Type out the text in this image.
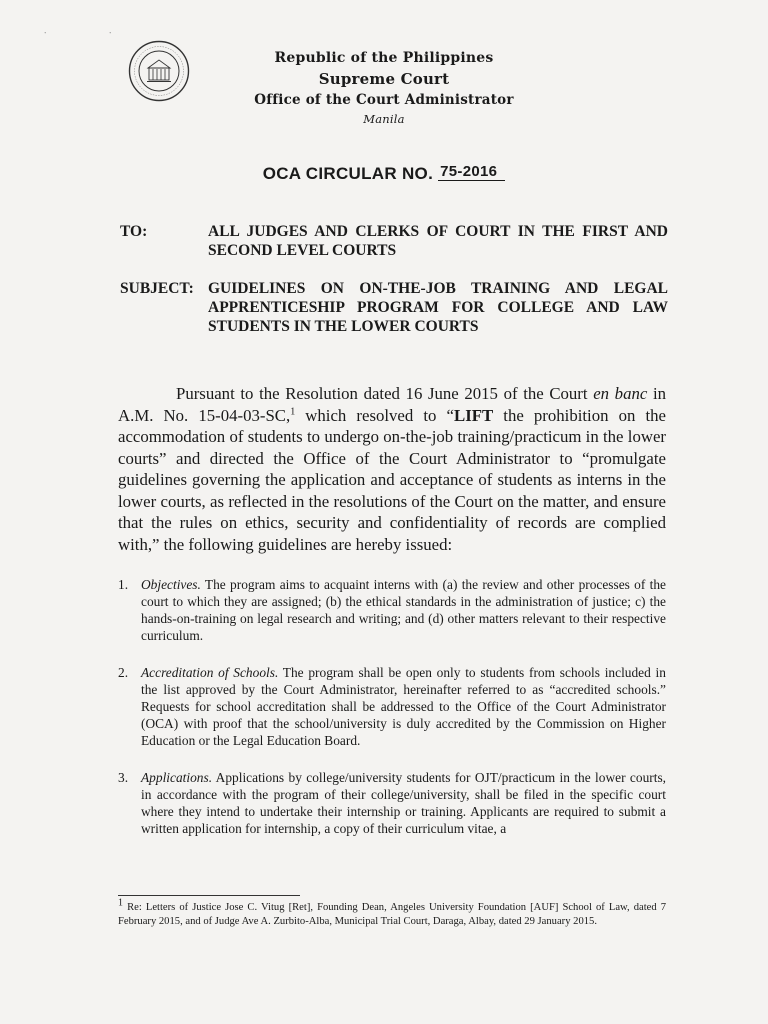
∙ ∙
Republic of the Philippines
Supreme Court
Office of the Court Administrator
Manila
OCA CIRCULAR NO. 75-2016
TO:	ALL JUDGES AND CLERKS OF COURT IN THE FIRST AND SECOND LEVEL COURTS
SUBJECT: GUIDELINES ON ON-THE-JOB TRAINING AND LEGAL APPRENTICESHIP PROGRAM FOR COLLEGE AND LAW STUDENTS IN THE LOWER COURTS
Pursuant to the Resolution dated 16 June 2015 of the Court en banc in A.M. No. 15-04-03-SC,$^1$ which resolved to “LIFT the prohibition on the accommodation of students to undergo on-the-job training/practicum in the lower courts” and directed the Office of the Court Administrator to “promulgate guidelines governing the application and acceptance of students as interns in the lower courts, as reflected in the resolutions of the Court on the matter, and ensure that the rules on ethics, security and confidentiality of records are complied with,” the following guidelines are hereby issued:
1. Objectives. The program aims to acquaint interns with (a) the review and other processes of the court to which they are assigned; (b) the ethical standards in the administration of justice; c) the hands-on-training on legal research and writing; and (d) other matters relevant to their respective curriculum.
2. Accreditation of Schools. The program shall be open only to students from schools included in the list approved by the Court Administrator, hereinafter referred to as “accredited schools.” Requests for school accreditation shall be addressed to the Office of the Court Administrator (OCA) with proof that the school/university is duly accredited by the Commission on Higher Education or the Legal Education Board.
3. Applications. Applications by college/university students for OJT/practicum in the lower courts, in accordance with the program of their college/university, shall be filed in the specific court where they intend to undertake their internship or training. Applicants are required to submit a written application for internship, a copy of their curriculum vitae, a
$^1$ Re: Letters of Justice Jose C. Vitug [Ret], Founding Dean, Angeles University Foundation [AUF] School of Law, dated 7 February 2015, and of Judge Ave A. Zurbito-Alba, Municipal Trial Court, Daraga, Albay, dated 29 January 2015.
